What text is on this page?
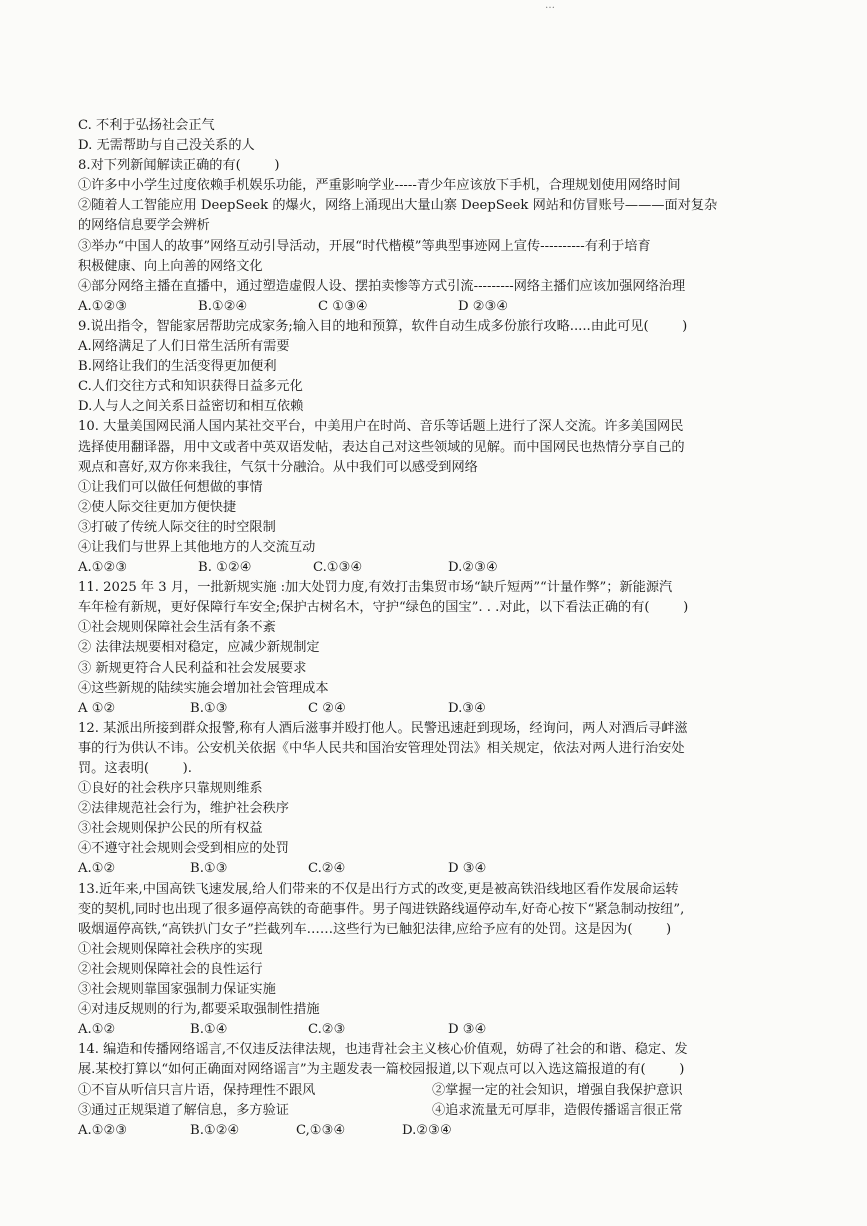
…
C. 不利于弘扬社会正气
D. 无需帮助与自己没关系的人
8.对下列新闻解读正确的有(        )
①许多中小学生过度依赖手机娱乐功能，严重影响学业-----青少年应该放下手机，合理规划使用网络时间
②随着人工智能应用 DeepSeek 的爆火，网络上涌现出大量山寨 DeepSeek 网站和仿冒账号———面对复杂
的网络信息要学会辨析
③举办“中国人的故事”网络互动引导活动，开展“时代楷模”等典型事迹网上宣传----------有利于培育
积极健康、向上向善的网络文化
④部分网络主播在直播中，通过塑造虚假人设、摆拍卖惨等方式引流---------网络主播们应该加强网络治理
A.①②③	B.①②④	C ①③④	D ②③④
9.说出指令，智能家居帮助完成家务;输入目的地和预算，软件自动生成多份旅行攻略.....由此可见(        )
A.网络满足了人们日常生活所有需要
B.网络让我们的生活变得更加便利
C.人们交往方式和知识获得日益多元化
D.人与人之间关系日益密切和相互依赖
10. 大量美国网民涌人国内某社交平台，中美用户在时尚、音乐等话题上进行了深人交流。许多美国网民
选择使用翻译器，用中文或者中英双语发帖，表达自己对这些领域的见解。而中国网民也热情分享自己的
观点和喜好,双方你来我往，气氛十分融洽。从中我们可以感受到网络
①让我们可以做任何想做的事情
②使人际交往更加方便快捷
③打破了传统人际交往的时空限制
④让我们与世界上其他地方的人交流互动
A.①②③	B. ①②④	C.①③④	D.②③④
11. 2025 年 3 月，一批新规实施 :加大处罚力度,有效打击集贸市场“缺斤短两”“计量作弊”；新能源汽
车年检有新规，更好保障行车安全;保护古树名木，守护“绿色的国宝”. . .对此，以下看法正确的有(        )
①社会规则保障社会生活有条不紊
② 法律法规要相对稳定，应减少新规制定
③ 新规更符合人民利益和社会发展要求
④这些新规的陆续实施会增加社会管理成本
A ①②	B.①③	C ②④	D.③④
12. 某派出所接到群众报警,称有人酒后滋事并殴打他人。民警迅速赶到现场，经询问，两人对酒后寻衅滋
事的行为供认不讳。公安机关依据《中华人民共和国治安管理处罚法》相关规定，依法对两人进行治安处
罚。这表明(        ).
①良好的社会秩序只靠规则维系
②法律规范社会行为，维护社会秩序
③社会规则保护公民的所有权益
④不遵守社会规则会受到相应的处罚
A.①②	B.①③	C.②④	D ③④
13.近年来,中国高铁飞速发展,给人们带来的不仅是出行方式的改变,更是被高铁沿线地区看作发展命运转
变的契机,同时也出现了很多逼停高铁的奇葩事件。男子闯进铁路线逼停动车,好奇心按下“紧急制动按纽”,
吸烟逼停高铁,“高铁扒门女子”拦截列车……这些行为已触犯法律,应给予应有的处罚。这是因为(        )
①社会规则保障社会秩序的实现
②社会规则保障社会的良性运行
③社会规则靠国家强制力保证实施
④对违反规则的行为,都要采取强制性措施
A.①②	B.①④	C.②③	D ③④
14. 编造和传播网络谣言,不仅违反法律法规，也违背社会主义核心价值观，妨碍了社会的和谐、稳定、发
展.某校打算以“如何正确面对网络谣言”为主题发表一篇校园报道,以下观点可以入选这篇报道的有(        )
①不盲从听信只言片语，保持理性不跟风	②掌握一定的社会知识，增强自我保护意识
③通过正规渠道了解信息，多方验证	④追求流量无可厚非，造假传播谣言很正常
A.①②③	B.①②④	C,①③④	D.②③④
